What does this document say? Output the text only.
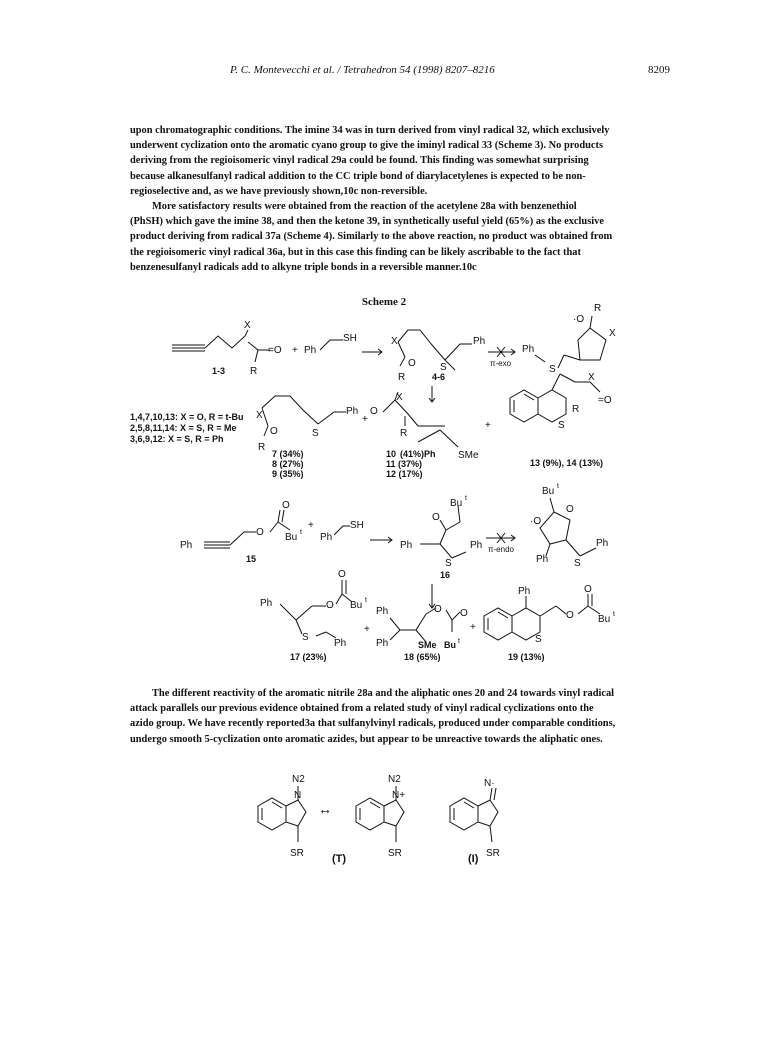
P. C. Montevecchi et al. / Tetrahedron 54 (1998) 8207–8216	8209

upon chromatographic conditions. The imine 34 was in turn derived from vinyl radical 32, which exclusively

underwent cyclization onto the aromatic cyano group to give the iminyl radical 33 (Scheme 3). No products

deriving from the regioisomeric vinyl radical 29a could be found. This finding was somewhat surprising

because alkanesulfanyl radical addition to the CC triple bond of diarylacetylenes is expected to be non-

regioselective and, as we have previously shown,10c non-reversible.

More satisfactory results were obtained from the reaction of the acetylene 28a with benzenethiol

(PhSH) which gave the imine 38, and then the ketone 39, in synthetically useful yield (65%) as the exclusive

product deriving from radical 37a (Scheme 4). Similarly to the above reaction, no product was obtained from

the regioisomeric vinyl radical 36a, but in this case this finding can be likely ascribable to the fact that

benzenesulfanyl radicals add to alkyne triple bonds in a reversible manner.10c

Scheme 2
X
=O
R
1-3
+ Ph
SH	X
O
R
S
Ph
4-6
π-exo
Ph
S
·O
R
X
1,4,7,10,13: X = O, R = t-Bu
2,5,8,11,14: X = S, R = Me
3,6,9,12: X = S, R = Ph
X
O
R
S
Ph
+
O
7 (34%)
8 (27%)
9 (35%)
X
R
SMe
+
10 (41%)Ph
11 (37%)
12 (17%)
X
=O
R
S
13 (9%), 14 (13%)
Ph
O
O
Bu t
15
+
Ph
SH
Bu t
O
Ph
S
Ph π-endo
16
Bu t
·O
O
Ph	S
Ph
Ph	O
O
Bu t
S
Ph
17 (23%)
+
Ph
Ph
O O
SMe Bu t
18 (65%)
+
Ph
S
O
O
Bu t
19 (13%)
N2
N
SR
↔
N2
N+
SR
N·
SR
(T)	(I)

The different reactivity of the aromatic nitrile 28a and the aliphatic ones 20 and 24 towards vinyl radical

attack parallels our previous evidence obtained from a related study of vinyl radical cyclizations onto the

azido group. We have recently reported3a that sulfanylvinyl radicals, produced under comparable conditions,

undergo smooth 5-cyclization onto aromatic azides, but appear to be unreactive towards the aliphatic ones.
